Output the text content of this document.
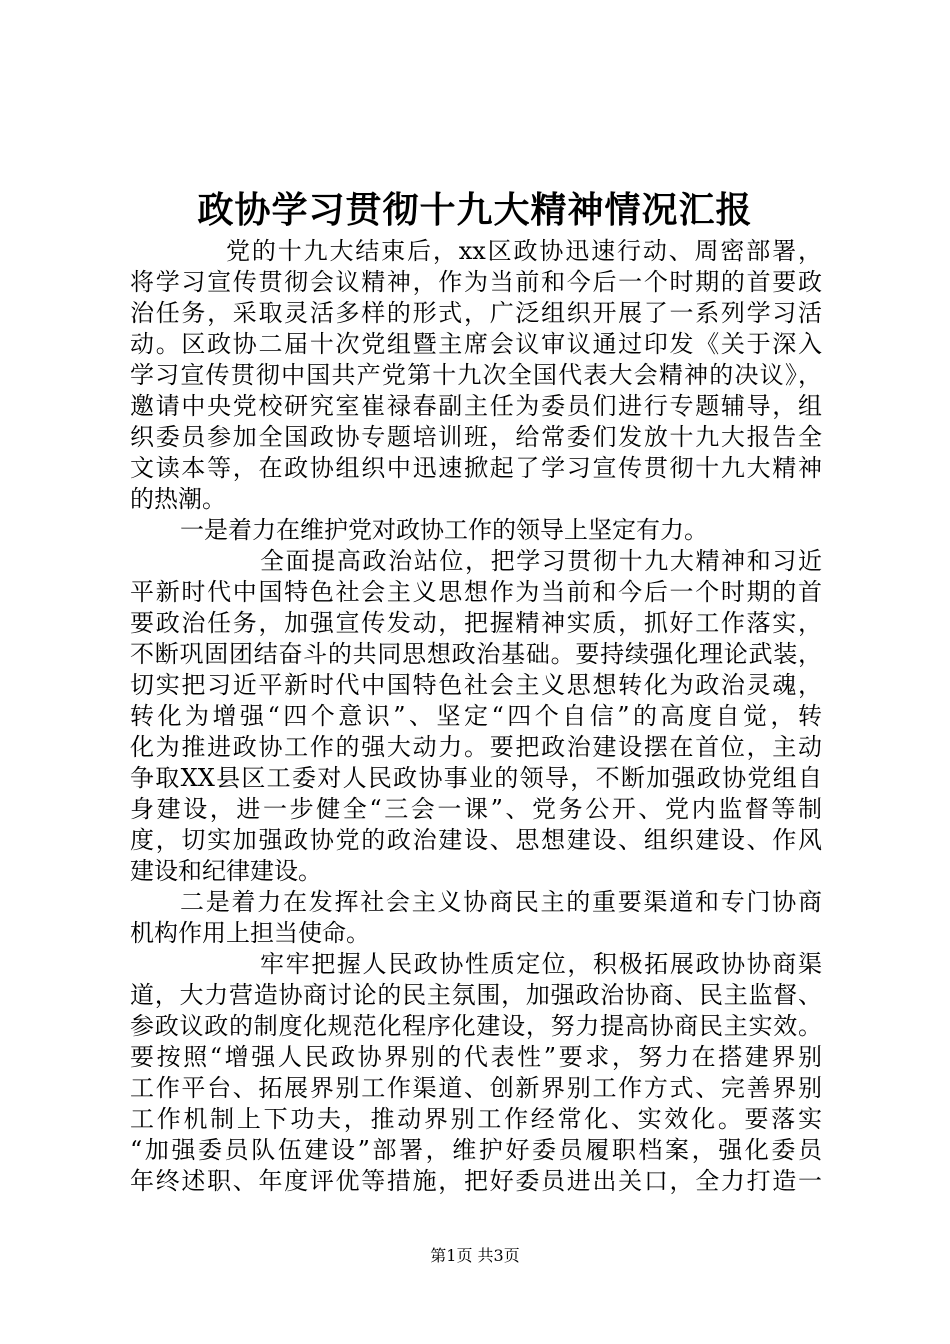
政协学习贯彻十九大精神情况汇报
党的十九大结束后，xx区政协迅速行动、周密部署，
将学习宣传贯彻会议精神，作为当前和今后一个时期的首要政
治任务，采取灵活多样的形式，广泛组织开展了一系列学习活
动。区政协二届十次党组暨主席会议审议通过印发《关于深入
学习宣传贯彻中国共产党第十九次全国代表大会精神的决议》，
邀请中央党校研究室崔禄春副主任为委员们进行专题辅导，组
织委员参加全国政协专题培训班，给常委们发放十九大报告全
文读本等，在政协组织中迅速掀起了学习宣传贯彻十九大精神
的热潮。
一是着力在维护党对政协工作的领导上坚定有力。
全面提高政治站位，把学习贯彻十九大精神和习近
平新时代中国特色社会主义思想作为当前和今后一个时期的首
要政治任务，加强宣传发动，把握精神实质，抓好工作落实，
不断巩固团结奋斗的共同思想政治基础。要持续强化理论武装，
切实把习近平新时代中国特色社会主义思想转化为政治灵魂，
转化为增强“四个意识”、坚定“四个自信”的高度自觉，转
化为推进政协工作的强大动力。要把政治建设摆在首位，主动
争取XX县区工委对人民政协事业的领导，不断加强政协党组自
身建设，进一步健全“三会一课”、党务公开、党内监督等制
度，切实加强政协党的政治建设、思想建设、组织建设、作风
建设和纪律建设。
二是着力在发挥社会主义协商民主的重要渠道和专门协商
机构作用上担当使命。
牢牢把握人民政协性质定位，积极拓展政协协商渠
道，大力营造协商讨论的民主氛围，加强政治协商、民主监督、
参政议政的制度化规范化程序化建设，努力提高协商民主实效。
要按照“增强人民政协界别的代表性”要求，努力在搭建界别
工作平台、拓展界别工作渠道、创新界别工作方式、完善界别
工作机制上下功夫，推动界别工作经常化、实效化。要落实
“加强委员队伍建设”部署，维护好委员履职档案，强化委员
年终述职、年度评优等措施，把好委员进出关口，全力打造一
第1页 共3页
